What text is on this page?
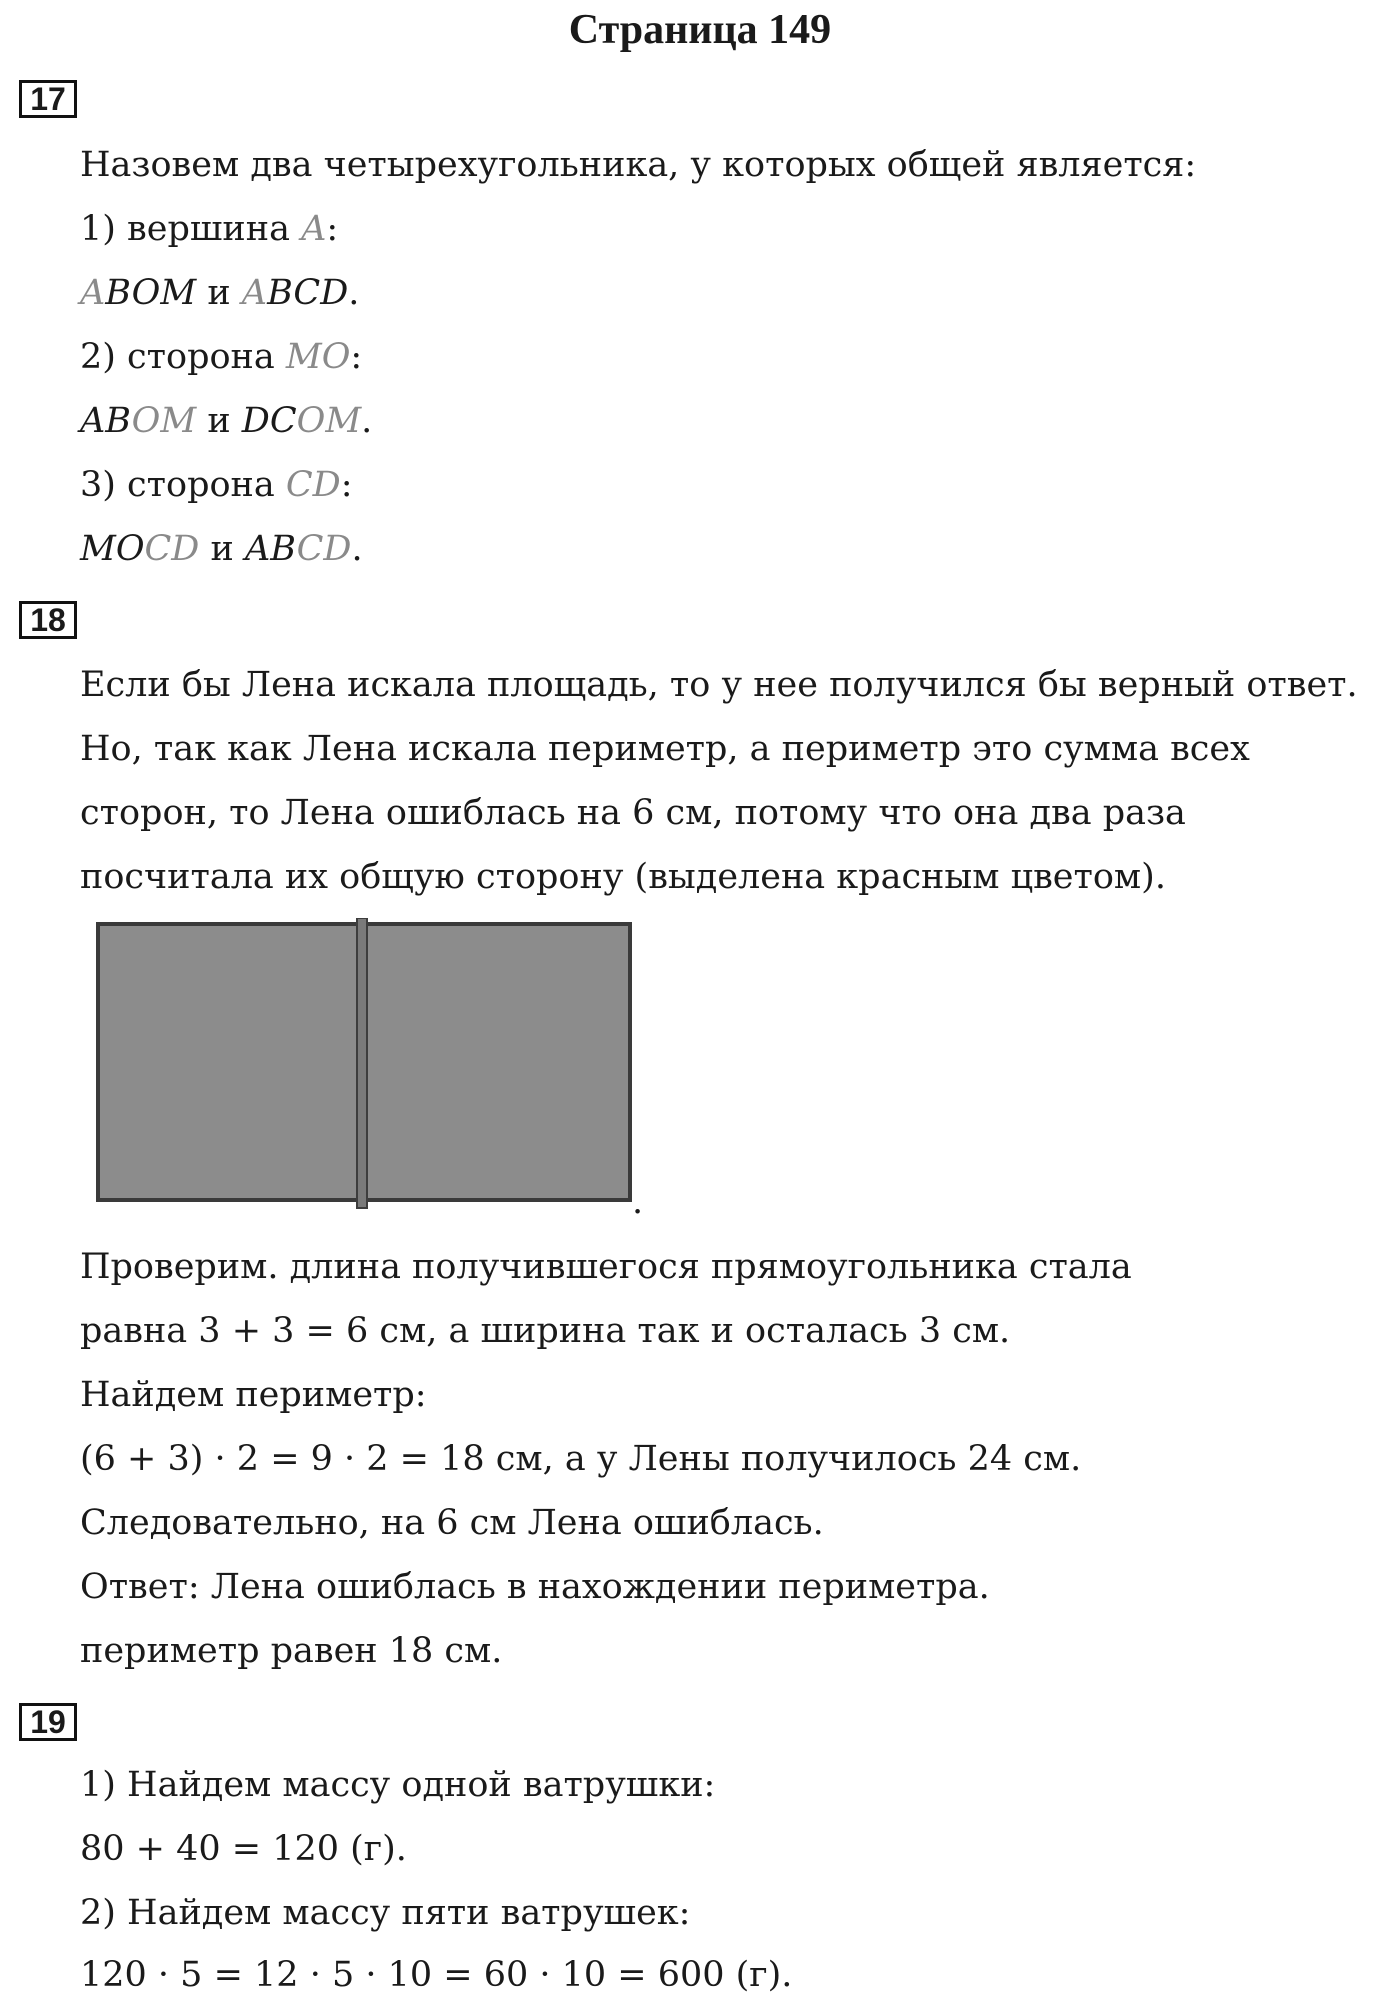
Страница 149
17
Назовем два четырехугольника, у которых общей является:
1) вершина A:
ABOM и ABCD.
2) сторона MO:
ABOM и DCOM.
3) сторона CD:
MOCD и ABCD.
18
Если бы Лена искала площадь, то у нее получился бы верный ответ.
Но, так как Лена искала периметр, а периметр это сумма всех
сторон, то Лена ошиблась на 6 см, потому что она два раза
посчитала их общую сторону (выделена красным цветом).
.
Проверим. длина получившегося прямоугольника стала
равна 3 + 3 = 6 см, а ширина так и осталась 3 см.
Найдем периметр:
(6 + 3) · 2 = 9 · 2 = 18 см, а у Лены получилось 24 см.
Следовательно, на 6 см Лена ошиблась.
Ответ: Лена ошиблась в нахождении периметра.
периметр равен 18 см.
19
1) Найдем массу одной ватрушки:
80 + 40 = 120 (г).
2) Найдем массу пяти ватрушек:
120 · 5 = 12 · 5 · 10 = 60 · 10 = 600 (г).
